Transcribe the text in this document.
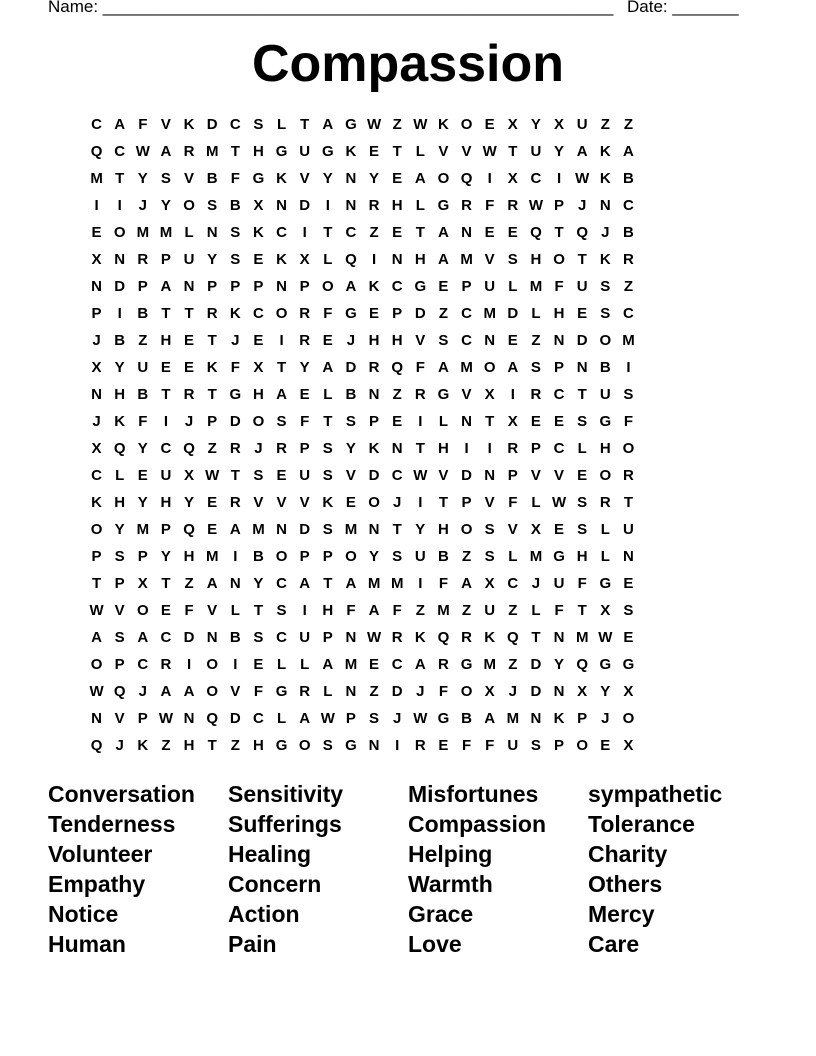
Name: ______________________________________________________ Date: _______
Compassion
C A F V K D C S L T A G W Z W K O E X Y X U Z Z
Q C W A R M T H G U G K E T L V V W T U Y A K A
M T Y S V B F G K V Y N Y E A O Q	I	X C	I W K B
I	I	J Y O S B X N D	I	N R H L G R F R W P J N C
E O M M L N S K C	I	T C Z E T A N E E Q T Q J B
X N R P U Y S E K X L Q	I	N H A M V S H O T K R
N D P A N P P P N P O A K C G E P U L M F U S Z
P	I	B T T R K C O R F G E P D Z C M D L H E S C
J B Z H E T J E	I	R E J H H V S C N E Z N D O M
X Y U E E K F X T Y A D R Q F A M O A S P N B	I
N H B T R T G H A E L B N Z R G V X	I	R C T U S
J K F	I	J P D O S F T S P E	I	L N T X E E S G F
X Q Y C Q Z R J R P S Y K N T H	I	I	R P C L H O
C L E U X W T S E U S V D C W V D N P V V E O R
K H Y H Y E R V V V K E O J	I	T P V F L W S R T
O Y M P Q E A M N D S M N T Y H O S V X E S L U
P S P Y H M I	B O P P O Y S U B Z S L M G H L N
T P X T Z A N Y C A T A M M I	F A X C J U F G E
W V O E F V L T S	I	H F A F Z M Z U Z L F T X S
A S A C D N B S C U P N W R K Q R K Q T N M W E
O P C R	I	O	I	E L L A M E C A R G M Z D Y Q G G
W Q J A A O V F G R L N Z D J F O X J D N X Y X
N V P W N Q D C L A W P S J W G B A M N K P J O
Q J K Z H T Z H G O S G N	I	R E F F U S P O E X
Conversation	Sensitivity	Misfortunes	sympathetic
Tenderness	Sufferings	Compassion	Tolerance
Volunteer	Healing	Helping	Charity
Empathy	Concern	Warmth	Others
Notice	Action	Grace	Mercy
Human	Pain	Love	Care
